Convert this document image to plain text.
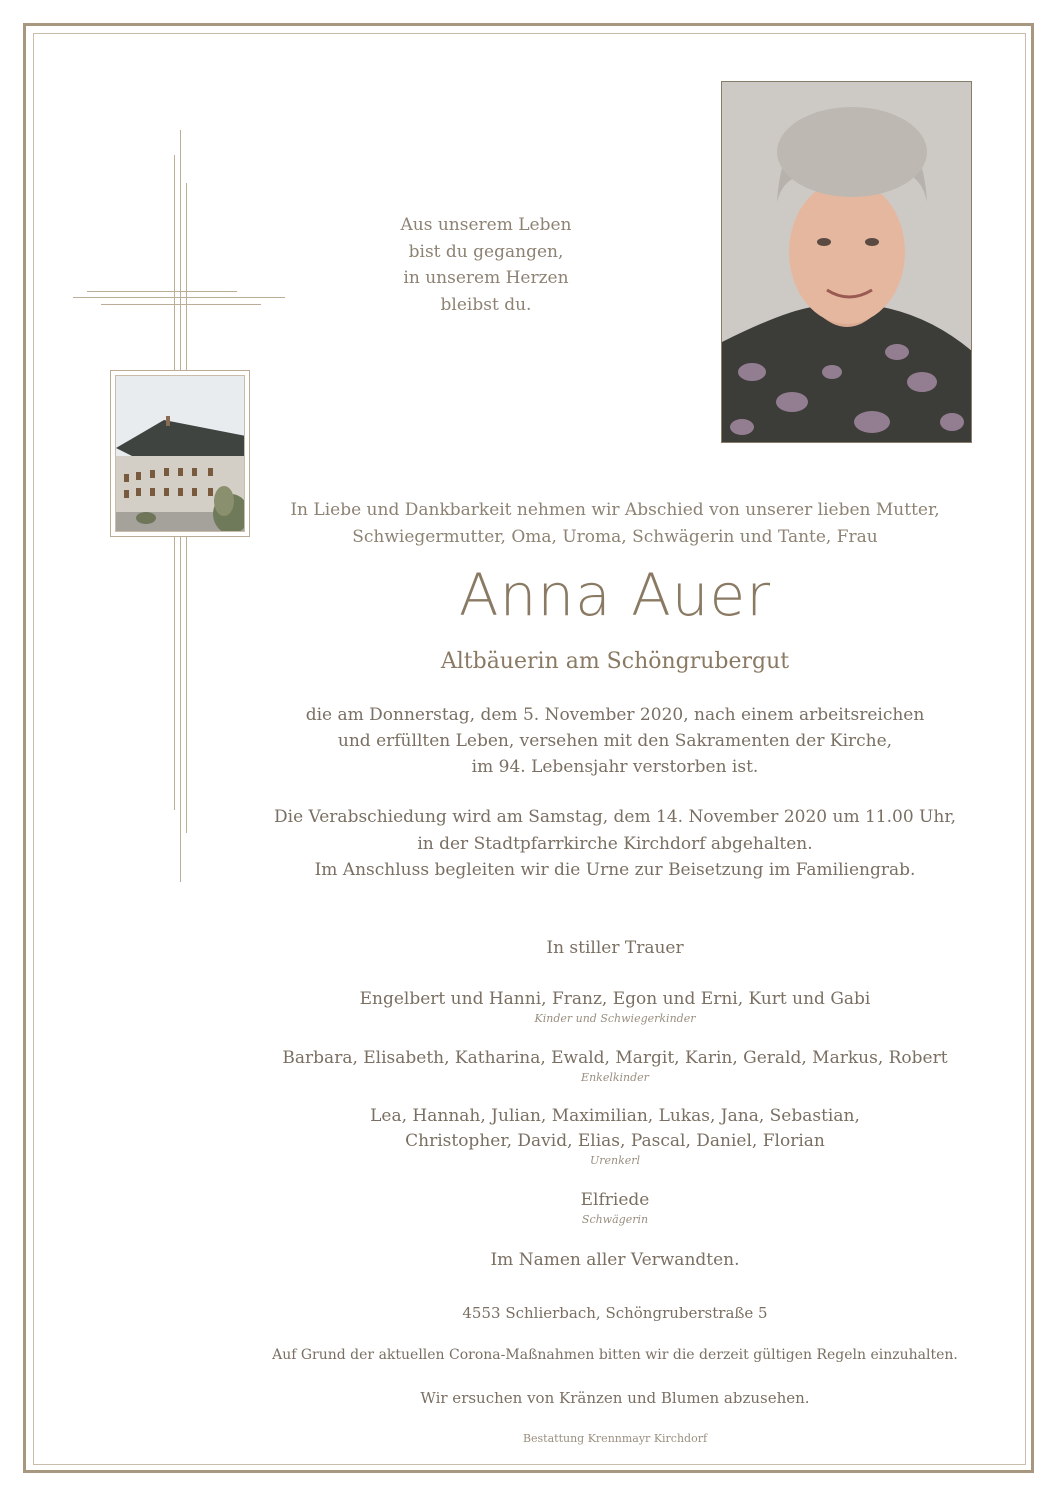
Aus unserem Leben
bist du gegangen,
in unserem Herzen
bleibst du.
In Liebe und Dankbarkeit nehmen wir Abschied von unserer lieben Mutter,
Schwiegermutter, Oma, Uroma, Schwägerin und Tante, Frau
Anna Auer
Altbäuerin am Schöngrubergut
die am Donnerstag, dem 5. November 2020, nach einem arbeitsreichen
und erfüllten Leben, versehen mit den Sakramenten der Kirche,
im 94. Lebensjahr verstorben ist.
Die Verabschiedung wird am Samstag, dem 14. November 2020 um 11.00 Uhr,
in der Stadtpfarrkirche Kirchdorf abgehalten.
Im Anschluss begleiten wir die Urne zur Beisetzung im Familiengrab.
In stiller Trauer
Engelbert und Hanni, Franz, Egon und Erni, Kurt und Gabi
Kinder und Schwiegerkinder
Barbara, Elisabeth, Katharina, Ewald, Margit, Karin, Gerald, Markus, Robert
Enkelkinder
Lea, Hannah, Julian, Maximilian, Lukas, Jana, Sebastian,
Christopher, David, Elias, Pascal, Daniel, Florian
Urenkerl
Elfriede
Schwägerin
Im Namen aller Verwandten.
4553 Schlierbach, Schöngruberstraße 5
Auf Grund der aktuellen Corona-Maßnahmen bitten wir die derzeit gültigen Regeln einzuhalten.
Wir ersuchen von Kränzen und Blumen abzusehen.
Bestattung Krennmayr Kirchdorf
